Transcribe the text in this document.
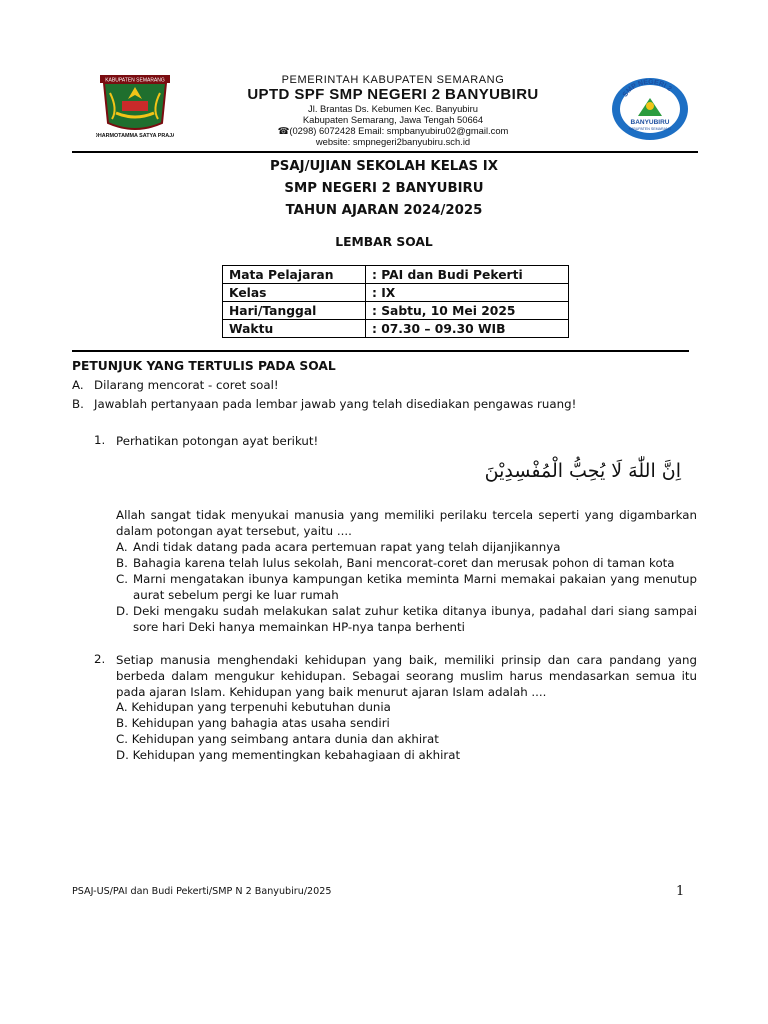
KABUPATEN SEMARANG
DHARMOTAMMA SATYA PRAJA
PEMERINTAH KABUPATEN SEMARANG
UPTD SPF SMP NEGERI 2 BANYUBIRU
Jl. Brantas Ds. Kebumen Kec. Banyubiru
Kabupaten Semarang, Jawa Tengah 50664
☎(0298) 6072428 Email: smpbanyubiru02@gmail.com
website: smpnegeri2banyubiru.sch.id
SMP NEGERI 2
BANYUBIRU
KABUPATEN SEMARANG
PSAJ/UJIAN SEKOLAH KELAS IX
SMP NEGERI 2 BANYUBIRU
TAHUN AJARAN 2024/2025
LEMBAR SOAL
Mata Pelajaran	: PAI dan Budi Pekerti
Kelas	: IX
Hari/Tanggal	: Sabtu, 10 Mei 2025
Waktu	: 07.30 – 09.30 WIB
PETUNJUK YANG TERTULIS PADA SOAL
A. Dilarang mencorat - coret soal!
B. Jawablah pertanyaan pada lembar jawab yang telah disediakan pengawas ruang!
1. Perhatikan potongan ayat berikut!
اِنَّ اللّٰهَ لَا يُحِبُّ الْمُفْسِدِيْنَ
Allah sangat tidak menyukai manusia yang memiliki perilaku tercela seperti yang digambarkan dalam potongan ayat tersebut, yaitu ....
A. Andi tidak datang pada acara pertemuan rapat yang telah dijanjikannya
B. Bahagia karena telah lulus sekolah, Bani mencorat-coret dan merusak pohon di taman kota
C. Marni mengatakan ibunya kampungan ketika meminta Marni memakai pakaian yang menutup aurat sebelum pergi ke luar rumah
D. Deki mengaku sudah melakukan salat zuhur ketika ditanya ibunya, padahal dari siang sampai sore hari Deki hanya memainkan HP-nya tanpa berhenti
2. Setiap manusia menghendaki kehidupan yang baik, memiliki prinsip dan cara pandang yang berbeda dalam mengukur kehidupan. Sebagai seorang muslim harus mendasarkan semua itu pada ajaran Islam. Kehidupan yang baik menurut ajaran Islam adalah ....
A. Kehidupan yang terpenuhi kebutuhan dunia
B. Kehidupan yang bahagia atas usaha sendiri
C. Kehidupan yang seimbang antara dunia dan akhirat
D. Kehidupan yang mementingkan kebahagiaan di akhirat
PSAJ-US/PAI dan Budi Pekerti/SMP N 2 Banyubiru/2025	1
